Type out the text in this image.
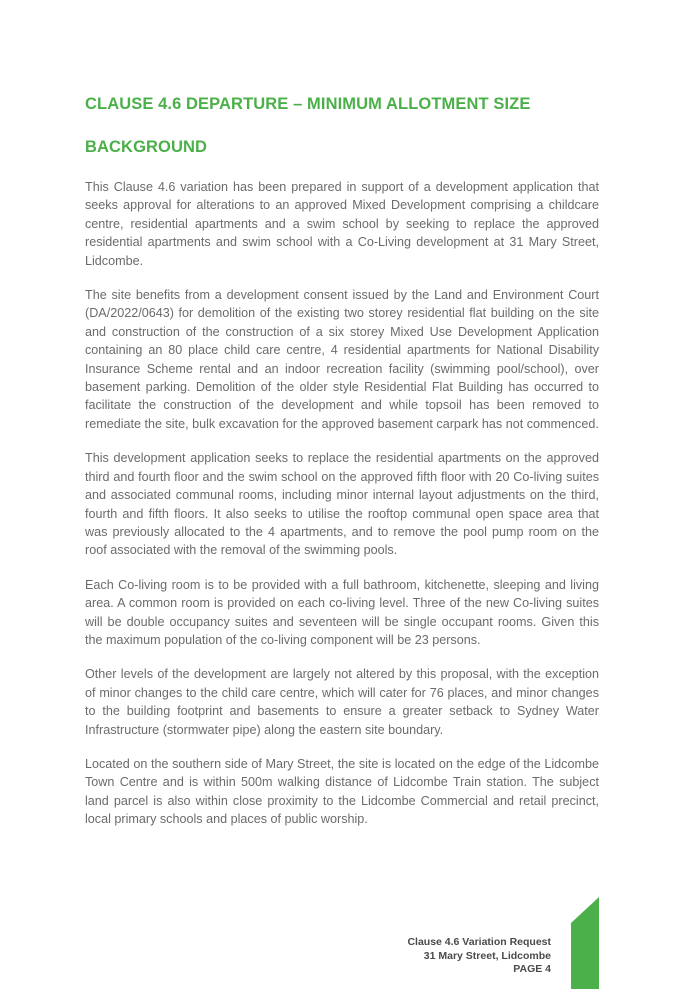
CLAUSE 4.6 DEPARTURE – MINIMUM ALLOTMENT SIZE
BACKGROUND

This Clause 4.6 variation has been prepared in support of a development application that seeks approval for alterations to an approved Mixed Development comprising a childcare centre, residential apartments and a swim school by seeking to replace the approved residential apartments and swim school with a Co-Living development at 31 Mary Street, Lidcombe.

The site benefits from a development consent issued by the Land and Environment Court (DA/2022/0643) for demolition of the existing two storey residential flat building on the site and construction of the construction of a six storey Mixed Use Development Application containing an 80 place child care centre, 4 residential apartments for National Disability Insurance Scheme rental and an indoor recreation facility (swimming pool/school), over basement parking. Demolition of the older style Residential Flat Building has occurred to facilitate the construction of the development and while topsoil has been removed to remediate the site, bulk excavation for the approved basement carpark has not commenced.

This development application seeks to replace the residential apartments on the approved third and fourth floor and the swim school on the approved fifth floor with 20 Co-living suites and associated communal rooms, including minor internal layout adjustments on the third, fourth and fifth floors. It also seeks to utilise the rooftop communal open space area that was previously allocated to the 4 apartments, and to remove the pool pump room on the roof associated with the removal of the swimming pools.

Each Co-living room is to be provided with a full bathroom, kitchenette, sleeping and living area. A common room is provided on each co-living level. Three of the new Co-living suites will be double occupancy suites and seventeen will be single occupant rooms. Given this the maximum population of the co-living component will be 23 persons.

Other levels of the development are largely not altered by this proposal, with the exception of minor changes to the child care centre, which will cater for 76 places, and minor changes to the building footprint and basements to ensure a greater setback to Sydney Water Infrastructure (stormwater pipe) along the eastern site boundary.

Located on the southern side of Mary Street, the site is located on the edge of the Lidcombe Town Centre and is within 500m walking distance of Lidcombe Train station. The subject land parcel is also within close proximity to the Lidcombe Commercial and retail precinct, local primary schools and places of public worship.

Clause 4.6 Variation Request
31 Mary Street, Lidcombe
PAGE 4
